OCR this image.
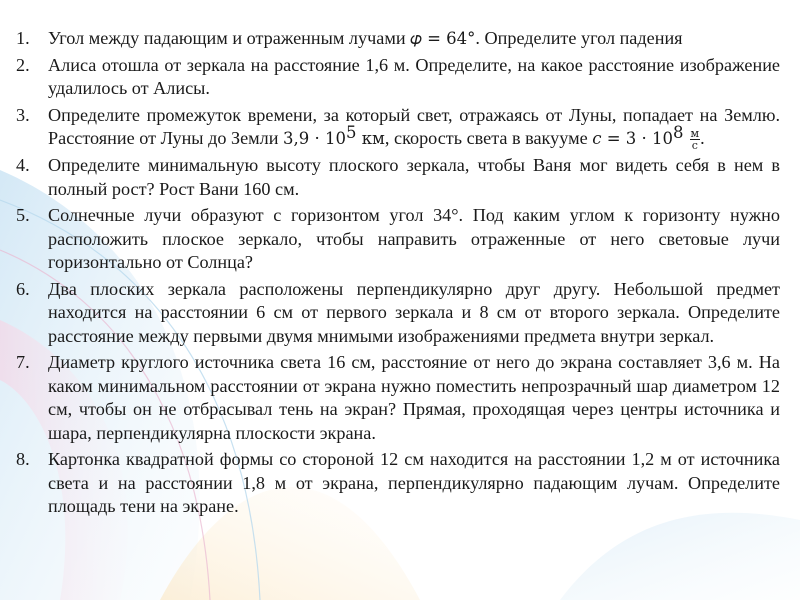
1. Угол между падающим и отраженным лучами 𝜑 = 64°. Определите угол падения
2. Алиса отошла от зеркала на расстояние 1,6 м. Определите, на какое расстояние изображение удалилось от Алисы.
3. Определите промежуток времени, за который свет, отражаясь от Луны, попадает на Землю. Расстояние от Луны до Земли $3,9 \cdot 10^5$ км, скорость света в вакууме 𝑐 = $3 \cdot 10^8 \frac{м}{с}$ .
4. Определите минимальную высоту плоского зеркала, чтобы Ваня мог видеть себя в нем в полный рост? Рост Вани 160 см.
5. Солнечные лучи образуют с горизонтом угол 34°. Под каким углом к горизонту нужно расположить плоское зеркало, чтобы направить отраженные от него световые лучи горизонтально от Солнца?
6. Два плоских зеркала расположены перпендикулярно друг другу. Небольшой предмет находится на расстоянии 6 см от первого зеркала и 8 см от второго зеркала. Определите расстояние между первыми двумя мнимыми изображениями предмета внутри зеркал.
7. Диаметр круглого источника света 16 см, расстояние от него до экрана составляет 3,6 м. На каком минимальном расстоянии от экрана нужно поместить непрозрачный шар диаметром 12 см, чтобы он не отбрасывал тень на экран? Прямая, проходящая через центры источника и шара, перпендикулярна плоскости экрана.
8. Картонка квадратной формы со стороной 12 см находится на расстоянии 1,2 м от источника света и на расстоянии 1,8 м от экрана, перпендикулярно падающим лучам. Определите площадь тени на экране.
